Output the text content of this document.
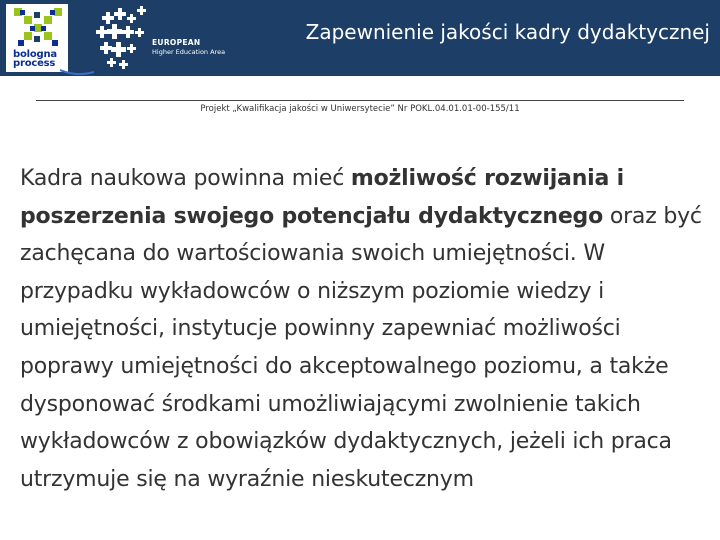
bologna
process
EUROPEAN
Higher Education Area
Zapewnienie jakości kadry dydaktycznej
Projekt „Kwalifikacja jakości w Uniwersytecie” Nr POKL.04.01.01-00-155/11

Kadra naukowa powinna mieć możliwość rozwijania i poszerzenia swojego potencjału dydaktycznego oraz być zachęcana do wartościowania swoich umiejętności. W przypadku wykładowców o niższym poziomie wiedzy i umiejętności, instytucje powinny zapewniać możliwości poprawy umiejętności do akceptowalnego poziomu, a także dysponować środkami umożliwiającymi zwolnienie takich wykładowców z obowiązków dydaktycznych, jeżeli ich praca utrzymuje się na wyraźnie nieskutecznym
